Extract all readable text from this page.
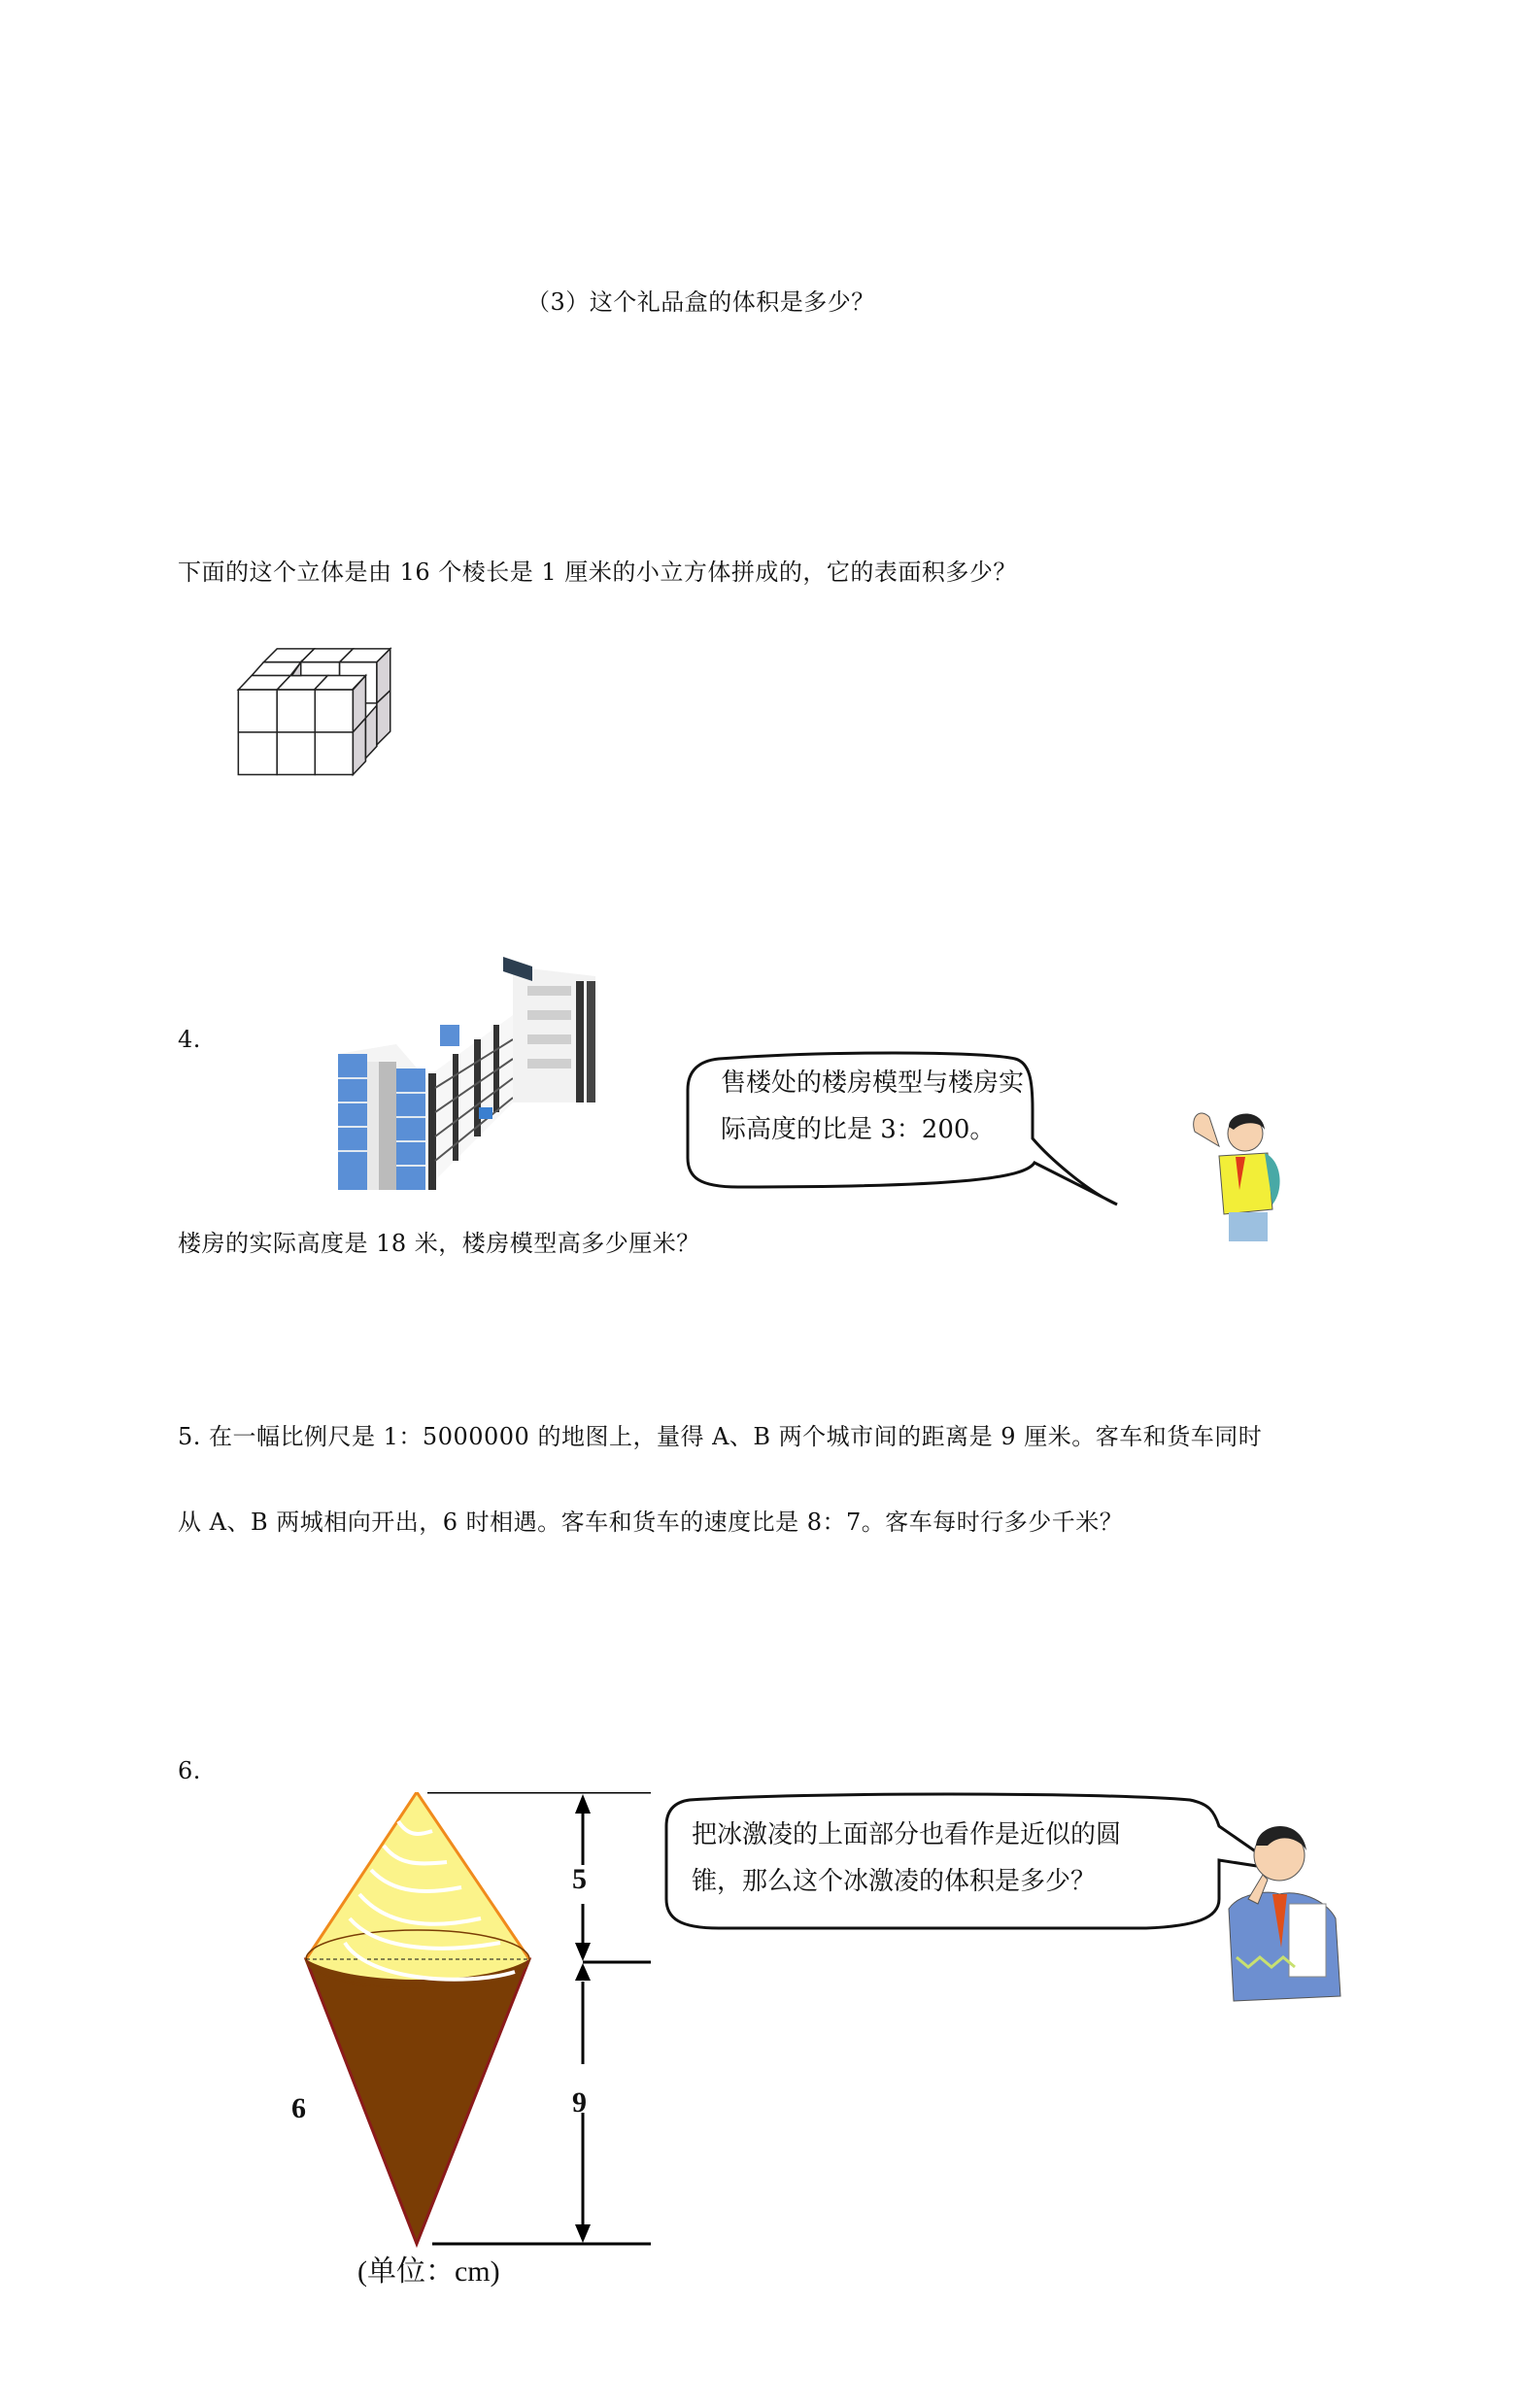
（3）这个礼品盒的体积是多少？
下面的这个立体是由 16 个棱长是 1 厘米的小立方体拼成的，它的表面积多少？
4.
售楼处的楼房模型与楼房实
际高度的比是 3：200。
楼房的实际高度是 18 米，楼房模型高多少厘米？
5. 在一幅比例尺是 1：5000000 的地图上，量得 A、B 两个城市间的距离是 9 厘米。客车和货车同时
从 A、B 两城相向开出，6 时相遇。客车和货车的速度比是 8：7。客车每时行多少千米？
6.
5
9
6
(单位：cm)
把冰激凌的上面部分也看作是近似的圆
锥，那么这个冰激凌的体积是多少？
